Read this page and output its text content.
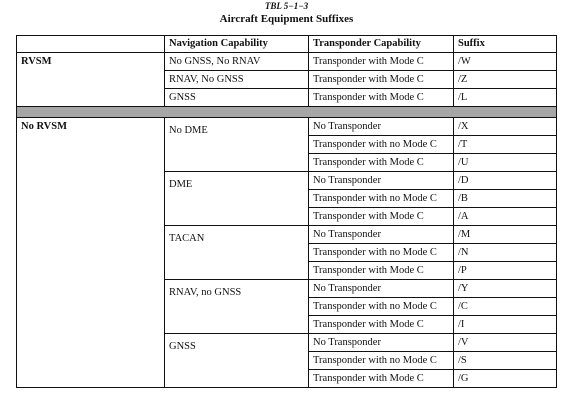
TBL 5−1−3
Aircraft Equipment Suffixes
	Navigation Capability	Transponder Capability	Suffix
RVSM	No GNSS, No RNAV	Transponder with Mode C	/W
	RNAV, No GNSS	Transponder with Mode C	/Z
	GNSS	Transponder with Mode C	/L

No RVSM	No DME	No Transponder	/X
		Transponder with no Mode C	/T
		Transponder with Mode C	/U
	DME	No Transponder	/D
		Transponder with no Mode C	/B
		Transponder with Mode C	/A
	TACAN	No Transponder	/M
		Transponder with no Mode C	/N
		Transponder with Mode C	/P
	RNAV, no GNSS	No Transponder	/Y
		Transponder with no Mode C	/C
		Transponder with Mode C	/I
	GNSS	No Transponder	/V
		Transponder with no Mode C	/S
		Transponder with Mode C	/G
